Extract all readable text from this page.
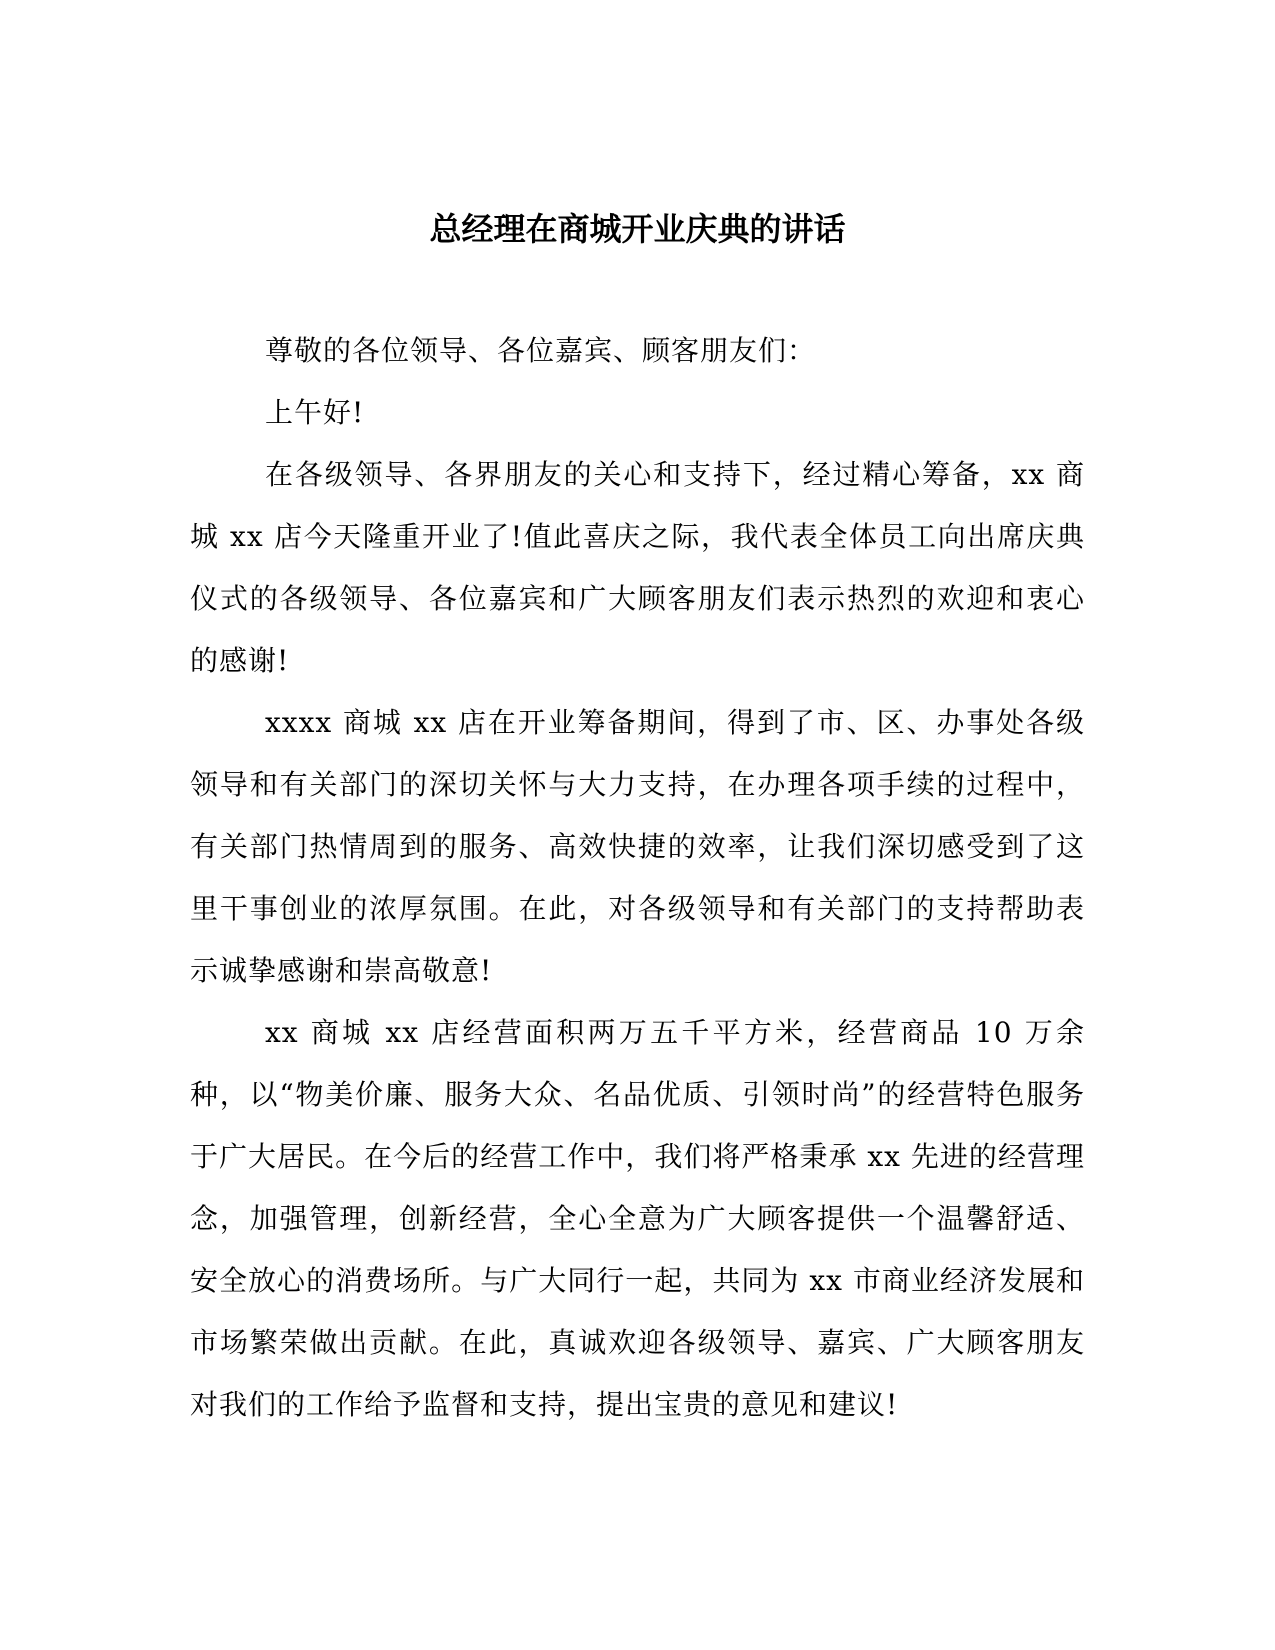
总经理在商城开业庆典的讲话

尊敬的各位领导、各位嘉宾、顾客朋友们：

上午好!

在各级领导、各界朋友的关心和支持下，经过精心筹备，xx 商城 xx 店今天隆重开业了!值此喜庆之际，我代表全体员工向出席庆典仪式的各级领导、各位嘉宾和广大顾客朋友们表示热烈的欢迎和衷心的感谢!

xxxx 商城 xx 店在开业筹备期间，得到了市、区、办事处各级领导和有关部门的深切关怀与大力支持，在办理各项手续的过程中，有关部门热情周到的服务、高效快捷的效率，让我们深切感受到了这里干事创业的浓厚氛围。在此，对各级领导和有关部门的支持帮助表示诚挚感谢和崇高敬意!

xx 商城 xx 店经营面积两万五千平方米，经营商品 10 万余种，以“物美价廉、服务大众、名品优质、引领时尚”的经营特色服务于广大居民。在今后的经营工作中，我们将严格秉承 xx 先进的经营理念，加强管理，创新经营，全心全意为广大顾客提供一个温馨舒适、安全放心的消费场所。与广大同行一起，共同为 xx 市商业经济发展和市场繁荣做出贡献。在此，真诚欢迎各级领导、嘉宾、广大顾客朋友对我们的工作给予监督和支持，提出宝贵的意见和建议!
